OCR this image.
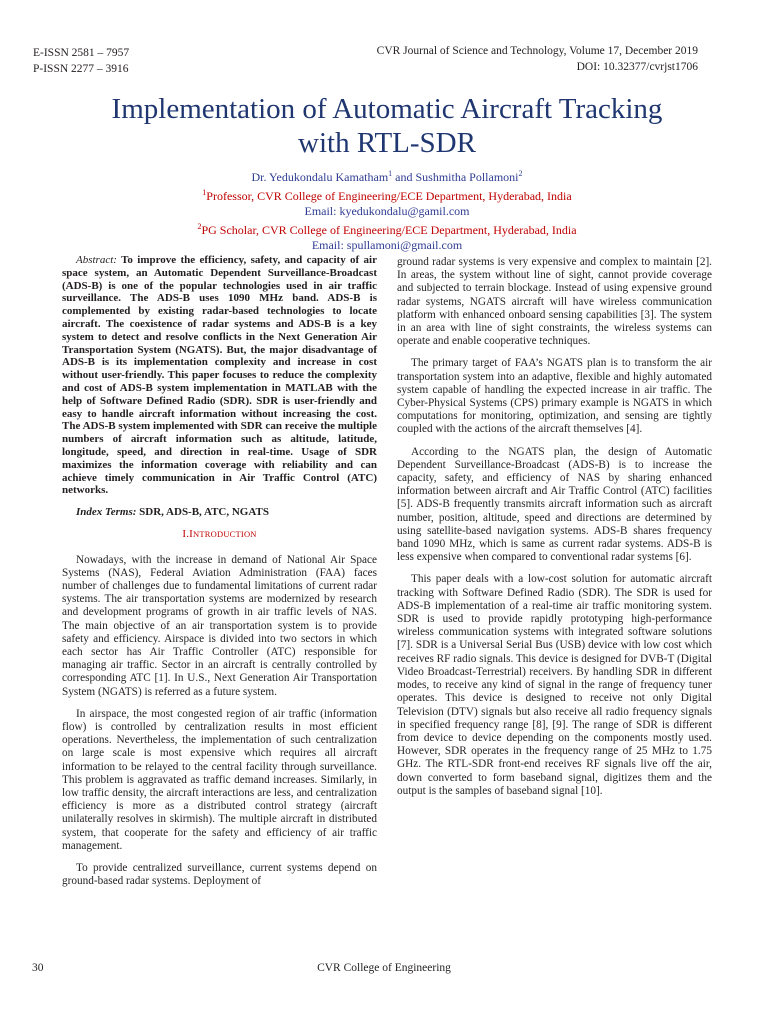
E-ISSN 2581 – 7957
P-ISSN 2277 – 3916
CVR Journal of Science and Technology, Volume 17, December 2019
DOI: 10.32377/cvrjst1706
Implementation of Automatic Aircraft Tracking
with RTL-SDR
Dr. Yedukondalu Kamatham$^1$ and Sushmitha Pollamoni$^2$
$^1$Professor, CVR College of Engineering/ECE Department, Hyderabad, India
Email: kyedukondalu@gamil.com
$^2$PG Scholar, CVR College of Engineering/ECE Department, Hyderabad, India
Email: spullamoni@gmail.com

Abstract: To improve the efficiency, safety, and capacity of air space system, an Automatic Dependent Surveillance-Broadcast (ADS-B) is one of the popular technologies used in air traffic surveillance. The ADS-B uses 1090 MHz band. ADS-B is complemented by existing radar-based technologies to locate aircraft. The coexistence of radar systems and ADS-B is a key system to detect and resolve conflicts in the Next Generation Air Transportation System (NGATS). But, the major disadvantage of ADS-B is its implementation complexity and increase in cost without user-friendly. This paper focuses to reduce the complexity and cost of ADS-B system implementation in MATLAB with the help of Software Defined Radio (SDR). SDR is user-friendly and easy to handle aircraft information without increasing the cost. The ADS-B system implemented with SDR can receive the multiple numbers of aircraft information such as altitude, latitude, longitude, speed, and direction in real-time. Usage of SDR maximizes the information coverage with reliability and can achieve timely communication in Air Traffic Control (ATC) networks.

Index Terms: SDR, ADS-B, ATC, NGATS

I.INTRODUCTION

Nowadays, with the increase in demand of National Air Space Systems (NAS), Federal Aviation Administration (FAA) faces number of challenges due to fundamental limitations of current radar systems. The air transportation systems are modernized by research and development programs of growth in air traffic levels of NAS. The main objective of an air transportation system is to provide safety and efficiency. Airspace is divided into two sectors in which each sector has Air Traffic Controller (ATC) responsible for managing air traffic. Sector in an aircraft is centrally controlled by corresponding ATC [1]. In U.S., Next Generation Air Transportation System (NGATS) is referred as a future system.

In airspace, the most congested region of air traffic (information flow) is controlled by centralization results in most efficient operations. Nevertheless, the implementation of such centralization on large scale is most expensive which requires all aircraft information to be relayed to the central facility through surveillance. This problem is aggravated as traffic demand increases. Similarly, in low traffic density, the aircraft interactions are less, and centralization efficiency is more as a distributed control strategy (aircraft unilaterally resolves in skirmish). The multiple aircraft in distributed system, that cooperate for the safety and efficiency of air traffic management.

To provide centralized surveillance, current systems depend on ground-based radar systems. Deployment of

ground radar systems is very expensive and complex to maintain [2]. In areas, the system without line of sight, cannot provide coverage and subjected to terrain blockage. Instead of using expensive ground radar systems, NGATS aircraft will have wireless communication platform with enhanced onboard sensing capabilities [3]. The system in an area with line of sight constraints, the wireless systems can operate and enable cooperative techniques.

The primary target of FAA’s NGATS plan is to transform the air transportation system into an adaptive, flexible and highly automated system capable of handling the expected increase in air traffic. The Cyber-Physical Systems (CPS) primary example is NGATS in which computations for monitoring, optimization, and sensing are tightly coupled with the actions of the aircraft themselves [4].

According to the NGATS plan, the design of Automatic Dependent Surveillance-Broadcast (ADS-B) is to increase the capacity, safety, and efficiency of NAS by sharing enhanced information between aircraft and Air Traffic Control (ATC) facilities [5]. ADS-B frequently transmits aircraft information such as aircraft number, position, altitude, speed and directions are determined by using satellite-based navigation systems. ADS-B shares frequency band 1090 MHz, which is same as current radar systems. ADS-B is less expensive when compared to conventional radar systems [6].

This paper deals with a low-cost solution for automatic aircraft tracking with Software Defined Radio (SDR). The SDR is used for ADS-B implementation of a real-time air traffic monitoring system. SDR is used to provide rapidly prototyping high-performance wireless communication systems with integrated software solutions [7]. SDR is a Universal Serial Bus (USB) device with low cost which receives RF radio signals. This device is designed for DVB-T (Digital Video Broadcast-Terrestrial) receivers. By handling SDR in different modes, to receive any kind of signal in the range of frequency tuner operates. This device is designed to receive not only Digital Television (DTV) signals but also receive all radio frequency signals in specified frequency range [8], [9]. The range of SDR is different from device to device depending on the components mostly used. However, SDR operates in the frequency range of 25 MHz to 1.75 GHz. The RTL-SDR front-end receives RF signals live off the air, down converted to form baseband signal, digitizes them and the output is the samples of baseband signal [10].

30	CVR College of Engineering
